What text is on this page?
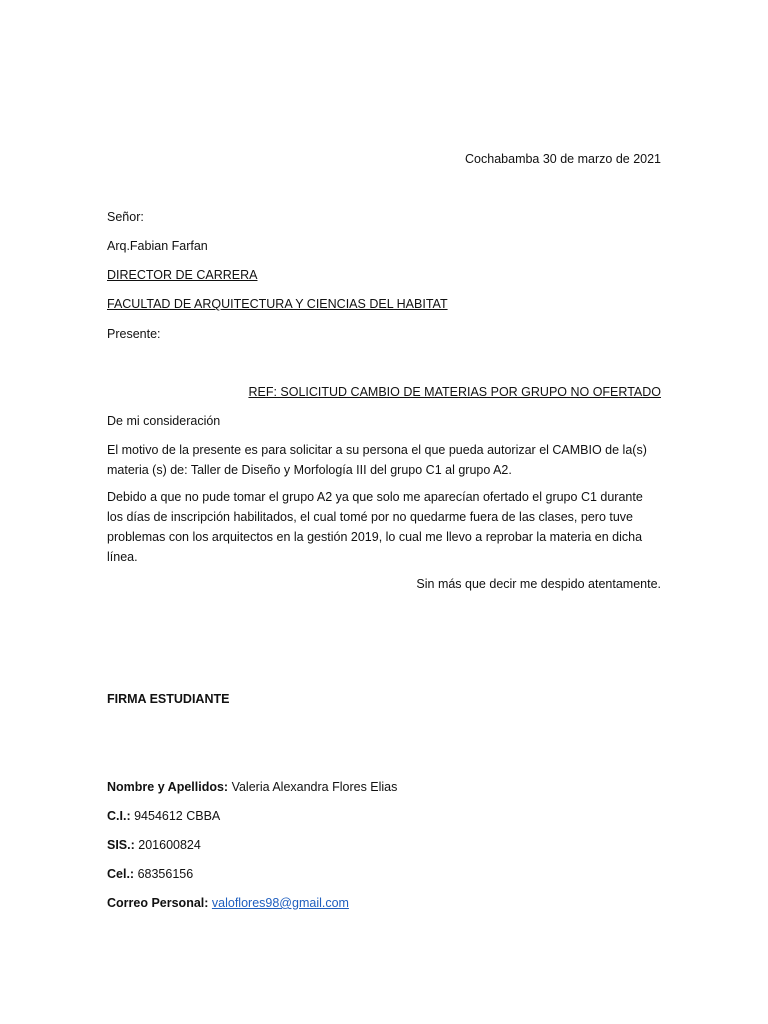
Cochabamba 30 de marzo de 2021
Señor:
Arq.Fabian Farfan
DIRECTOR DE CARRERA
FACULTAD DE ARQUITECTURA Y CIENCIAS DEL HABITAT
Presente:
REF: SOLICITUD CAMBIO DE MATERIAS POR GRUPO NO OFERTADO
De mi consideración
El motivo de la presente es para solicitar a su persona el que pueda autorizar el CAMBIO de la(s)
materia (s) de: Taller de Diseño y Morfología III del grupo C1 al grupo A2.
Debido a que no pude tomar el grupo A2 ya que solo me aparecían ofertado el grupo C1 durante
los días de inscripción habilitados, el cual tomé por no quedarme fuera de las clases, pero tuve
problemas con los arquitectos en la gestión 2019, lo cual me llevo a reprobar la materia en dicha
línea.
Sin más que decir me despido atentamente.
FIRMA ESTUDIANTE
Nombre y Apellidos: Valeria Alexandra Flores Elias
C.I.: 9454612 CBBA
SIS.: 201600824
Cel.: 68356156
Correo Personal: valoflores98@gmail.com
